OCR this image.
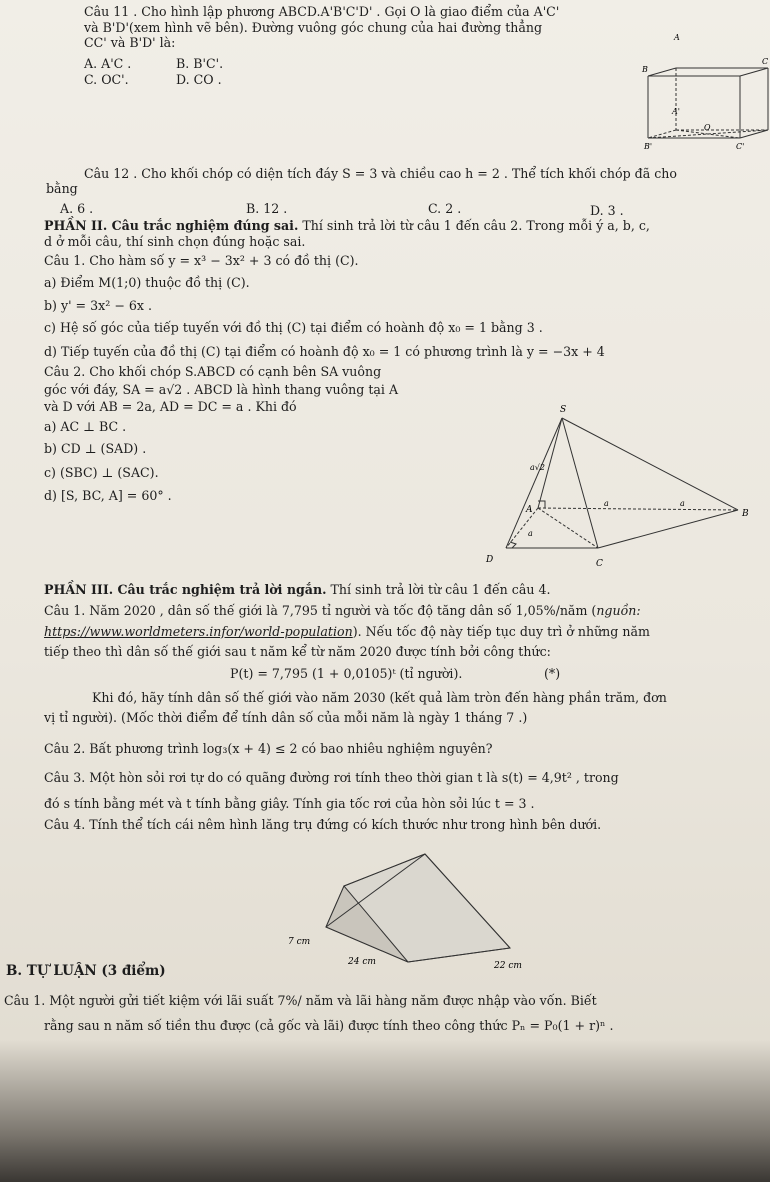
Câu 11 . Cho hình lập phương ABCD.A'B'C'D' . Gọi O là giao điểm của A'C'
và B'D'(xem hình vẽ bên). Đường vuông góc chung của hai đường thẳng
CC' và B'D' là:
A. A'C .	B. B'C'.
C. OC'.	D. CO .
A
B
C
A'
O
B'	C'
Câu 12 . Cho khối chóp có diện tích đáy S = 3 và chiều cao h = 2 . Thể tích khối chóp đã cho
bằng
A. 6 .	B. 12 .	C. 2 .	D. 3 .
PHẦN II. Câu trắc nghiệm đúng sai. Thí sinh trả lời từ câu 1 đến câu 2. Trong mỗi ý a, b, c,
d ở mỗi câu, thí sinh chọn đúng hoặc sai.
Câu 1. Cho hàm số y = x³ − 3x² + 3 có đồ thị (C).
a) Điểm M(1;0) thuộc đồ thị (C).
b) y' = 3x² − 6x .
c) Hệ số góc của tiếp tuyến với đồ thị (C) tại điểm có hoành độ x₀ = 1 bằng 3 .
d) Tiếp tuyến của đồ thị (C) tại điểm có hoành độ x₀ = 1 có phương trình là y = −3x + 4
Câu 2. Cho khối chóp S.ABCD có cạnh bên SA vuông
góc với đáy, SA = a√2 . ABCD là hình thang vuông tại A
và D với AB = 2a, AD = DC = a . Khi đó
a) AC ⊥ BC .
b) CD ⊥ (SAD) .
c) (SBC) ⊥ (SAC).
d) [S, BC, A] = 60° .
S
a√2
A	B
C
D
a
a	a
PHẦN III. Câu trắc nghiệm trả lời ngắn. Thí sinh trả lời từ câu 1 đến câu 4.
Câu 1. Năm 2020 , dân số thế giới là 7,795 tỉ người và tốc độ tăng dân số 1,05%/năm (nguồn:
https://www.worldmeters.infor/world-population). Nếu tốc độ này tiếp tục duy trì ở những năm
tiếp theo thì dân số thế giới sau t năm kể từ năm 2020 được tính bởi công thức:
P(t) = 7,795 (1 + 0,0105)ᵗ (tỉ người).	(*)
Khi đó, hãy tính dân số thế giới vào năm 2030 (kết quả làm tròn đến hàng phần trăm, đơn
vị tỉ người). (Mốc thời điểm để tính dân số của mỗi năm là ngày 1 tháng 7 .)
Câu 2. Bất phương trình log₃(x + 4) ≤ 2 có bao nhiêu nghiệm nguyên?
Câu 3. Một hòn sỏi rơi tự do có quãng đường rơi tính theo thời gian t là s(t) = 4,9t² , trong
đó s tính bằng mét và t tính bằng giây. Tính gia tốc rơi của hòn sỏi lúc t = 3 .
Câu 4. Tính thể tích cái nêm hình lăng trụ đứng có kích thước như trong hình bên dưới.
7 cm
24 cm	22 cm
B. TỰ LUẬN (3 điểm)
Câu 1. Một người gửi tiết kiệm với lãi suất 7%/ năm và lãi hàng năm được nhập vào vốn. Biết
rằng sau n năm số tiền thu được (cả gốc và lãi) được tính theo công thức Pₙ = P₀(1 + r)ⁿ .
